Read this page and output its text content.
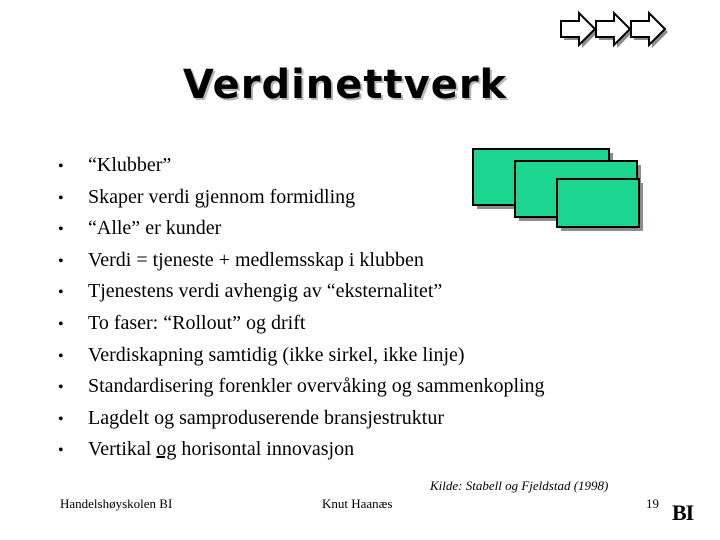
Verdinettverk
• “Klubber”
• Skaper verdi gjennom formidling
• “Alle” er kunder
• Verdi = tjeneste + medlemsskap i klubben
• Tjenestens verdi avhengig av “eksternalitet”
• To faser: “Rollout” og drift
• Verdiskapning samtidig (ikke sirkel, ikke linje)
• Standardisering forenkler overvåking og sammenkopling
• Lagdelt og samproduserende bransjestruktur
• Vertikal og horisontal innovasjon
Kilde: Stabell og Fjeldstad (1998)
Handelshøyskolen BI	Knut Haanæs	19 BI
